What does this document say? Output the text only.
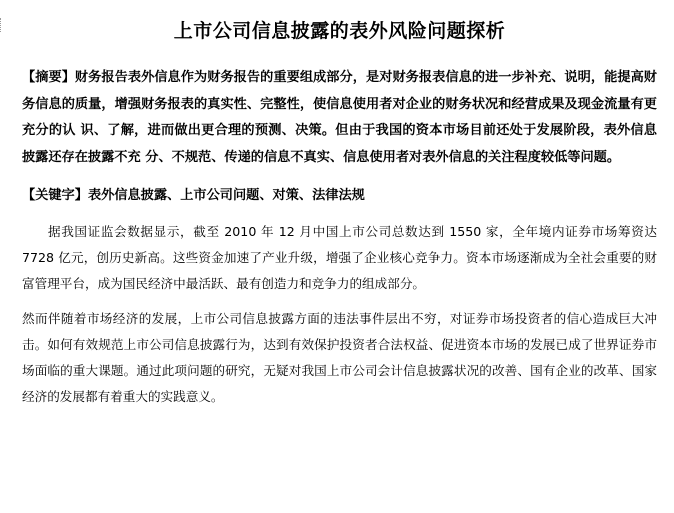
上市公司信息披露的表外风险问题探析

【摘要】财务报告表外信息作为财务报告的重要组成部分，是对财务报表信息的进一步补充、说明，能提高财 务信息的质量，增强财务报表的真实性、完整性，使信息使用者对企业的财务状况和经营成果及现金流量有更充分的认 识、了解，进而做出更合理的预测、决策。但由于我国的资本市场目前还处于发展阶段，表外信息披露还存在披露不充 分、不规范、传递的信息不真实、信息使用者对表外信息的关注程度较低等问题。

【关键字】表外信息披露、上市公司问题、对策、法律法规

据我国证监会数据显示，截至 2010 年 12 月中国上市公司总数达到 1550 家，全年境内证券市场筹资达 7728 亿元，创历史新高。这些资金加速了产业升级，增强了企业核心竞争力。资本市场逐渐成为全社会重要的财富管理平台，成为国民经济中最活跃、最有创造力和竞争力的组成部分。

然而伴随着市场经济的发展，上市公司信息披露方面的违法事件层出不穷，对证券市场投资者的信心造成巨大冲击。如何有效规范上市公司信息披露行为，达到有效保护投资者合法权益、促进资本市场的发展已成了世界证券市场面临的重大课题。通过此项问题的研究，无疑对我国上市公司会计信息披露状况的改善、国有企业的改革、国家经济的发展都有着重大的实践意义。
